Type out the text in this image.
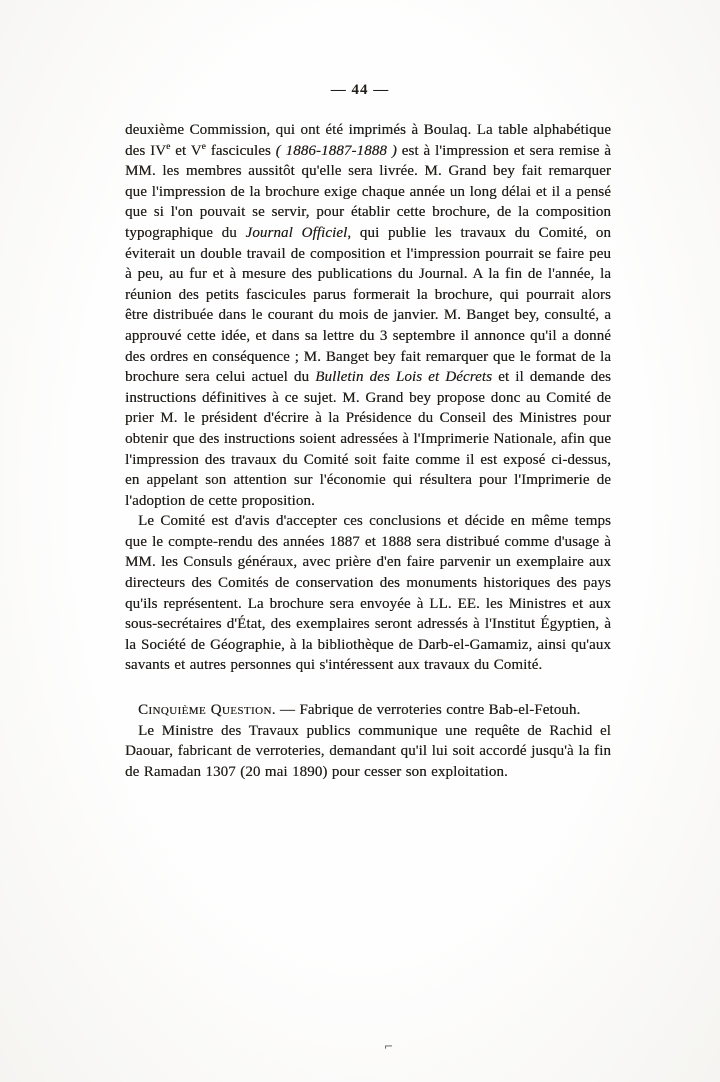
— 44 —

deuxième Commission, qui ont été imprimés à Boulaq. La table alphabétique des IVe et Ve fascicules ( 1886-1887-1888 ) est à l'impression et sera remise à MM. les membres aussitôt qu'elle sera livrée. M. Grand bey fait remarquer que l'impression de la brochure exige chaque année un long délai et il a pensé que si l'on pouvait se servir, pour établir cette brochure, de la composition typographique du Journal Officiel, qui publie les travaux du Comité, on éviterait un double travail de composition et l'impression pourrait se faire peu à peu, au fur et à mesure des publications du Journal. A la fin de l'année, la réunion des petits fascicules parus formerait la brochure, qui pourrait alors être distribuée dans le courant du mois de janvier. M. Banget bey, consulté, a approuvé cette idée, et dans sa lettre du 3 septembre il annonce qu'il a donné des ordres en conséquence ; M. Banget bey fait remarquer que le format de la brochure sera celui actuel du Bulletin des Lois et Décrets et il demande des instructions définitives à ce sujet. M. Grand bey propose donc au Comité de prier M. le président d'écrire à la Présidence du Conseil des Ministres pour obtenir que des instructions soient adressées à l'Imprimerie Nationale, afin que l'impression des travaux du Comité soit faite comme il est exposé ci-dessus, en appelant son attention sur l'économie qui résultera pour l'Imprimerie de l'adoption de cette proposition.

Le Comité est d'avis d'accepter ces conclusions et décide en même temps que le compte-rendu des années 1887 et 1888 sera distribué comme d'usage à MM. les Consuls généraux, avec prière d'en faire parvenir un exemplaire aux directeurs des Comités de conservation des monuments historiques des pays qu'ils représentent. La brochure sera envoyée à LL. EE. les Ministres et aux sous-secrétaires d'État, des exemplaires seront adressés à l'Institut Égyptien, à la Société de Géographie, à la bibliothèque de Darb-el-Gamamiz, ainsi qu'aux savants et autres personnes qui s'intéressent aux travaux du Comité.

Cinquième Question. — Fabrique de verroteries contre Bab-el-Fetouh.

Le Ministre des Travaux publics communique une requête de Rachid el Daouar, fabricant de verroteries, demandant qu'il lui soit accordé jusqu'à la fin de Ramadan 1307 (20 mai 1890) pour cesser son exploitation.

⌐
